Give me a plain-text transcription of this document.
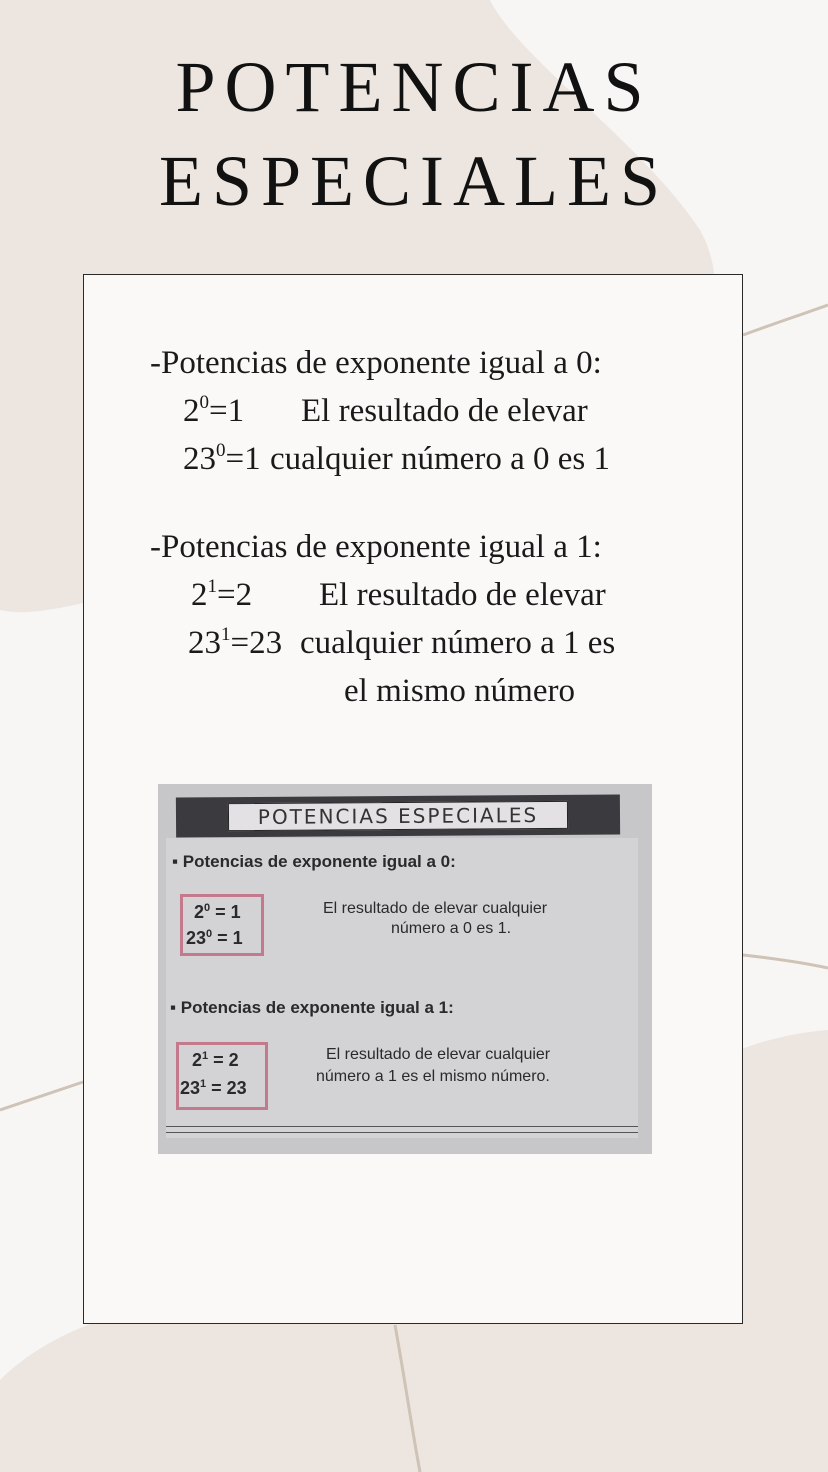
POTENCIAS
ESPECIALES
-Potencias de exponente igual a 0:
$2^0=1$ El resultado de elevar
$23^0=1$ cualquier número a 0 es 1
-Potencias de exponente igual a 1:
$2^1=2$ El resultado de elevar
$23^1=23$ cualquier número a 1 es
el mismo número
POTENCIAS ESPECIALES
▪ Potencias de exponente igual a 0:
$2^0 = 1$
$23^0 = 1$
El resultado de elevar cualquier
número a 0 es 1.
▪ Potencias de exponente igual a 1:
$2^1 = 2$
$23^1 = 23$
El resultado de elevar cualquier
número a 1 es el mismo número.
